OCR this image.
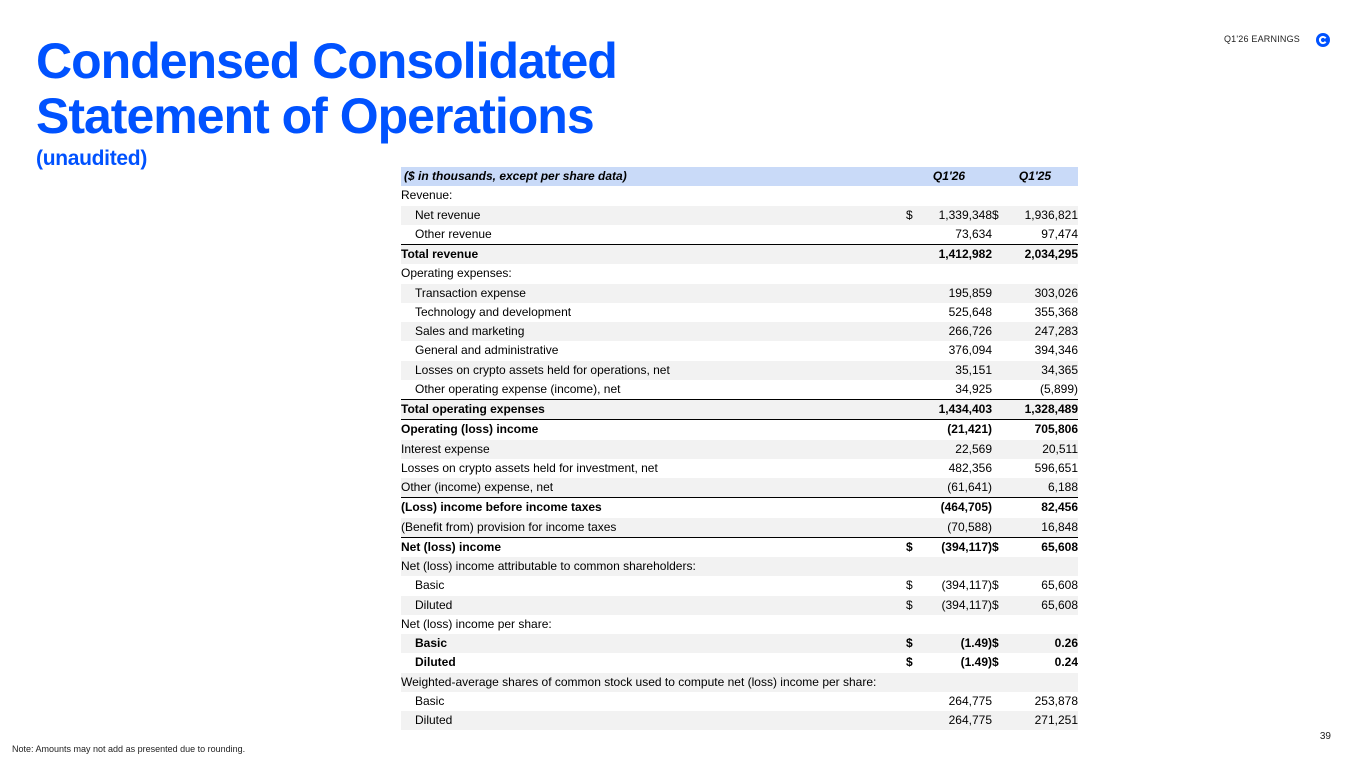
Condensed Consolidated
Statement of Operations
(unaudited)
Q1'26 EARNINGS
($ in thousands, except per share data)	Q1'26		Q1'25	
Revenue:				
Net revenue	$	1,339,348	$	1,936,821
Other revenue		73,634		97,474
Total revenue		1,412,982		2,034,295
Operating expenses:				
Transaction expense		195,859		303,026
Technology and development		525,648		355,368
Sales and marketing		266,726		247,283
General and administrative		376,094		394,346
Losses on crypto assets held for operations, net		35,151		34,365
Other operating expense (income), net		34,925		(5,899)
Total operating expenses		1,434,403		1,328,489
Operating (loss) income		(21,421)		705,806
Interest expense		22,569		20,511
Losses on crypto assets held for investment, net		482,356		596,651
Other (income) expense, net		(61,641)		6,188
(Loss) income before income taxes		(464,705)		82,456
(Benefit from) provision for income taxes		(70,588)		16,848
Net (loss) income	$	(394,117)	$	65,608
Net (loss) income attributable to common shareholders:				
Basic	$	(394,117)	$	65,608
Diluted	$	(394,117)	$	65,608
Net (loss) income per share:				
Basic	$	(1.49)	$	0.26
Diluted	$	(1.49)	$	0.24
Weighted-average shares of common stock used to compute net (loss) income per share:				
Basic		264,775		253,878
Diluted		264,775		271,251
Note: Amounts may not add as presented due to rounding.
39
